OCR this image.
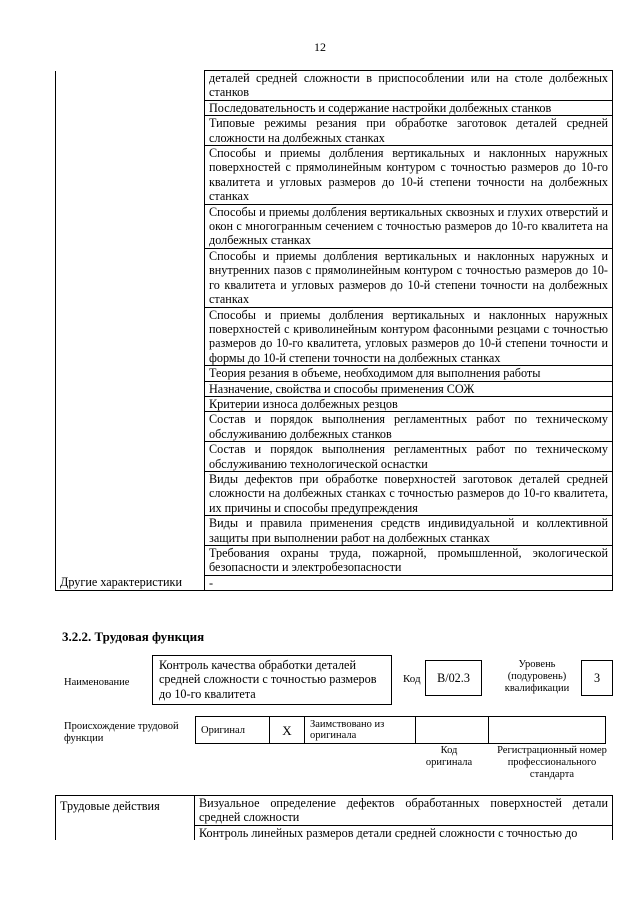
12
	деталей средней сложности в приспособлении или на столе долбежных станков
	Последовательность и содержание настройки долбежных станков
	Типовые режимы резания при обработке заготовок деталей средней сложности на долбежных станках
	Способы и приемы долбления вертикальных и наклонных наружных поверхностей с прямолинейным контуром с точностью размеров до 10-го квалитета и угловых размеров до 10-й степени точности на долбежных станках
	Способы и приемы долбления вертикальных сквозных и глухих отверстий и окон с многогранным сечением с точностью размеров до 10-го квалитета на долбежных станках
	Способы и приемы долбления вертикальных и наклонных наружных и внутренних пазов с прямолинейным контуром с точностью размеров до 10-го квалитета и угловых размеров до 10-й степени точности на долбежных станках
	Способы и приемы долбления вертикальных и наклонных наружных поверхностей с криволинейным контуром фасонными резцами с точностью размеров до 10-го квалитета, угловых размеров до 10-й степени точности и формы до 10-й степени точности на долбежных станках
	Теория резания в объеме, необходимом для выполнения работы
	Назначение, свойства и способы применения СОЖ
	Критерии износа долбежных резцов
	Состав и порядок выполнения регламентных работ по техническому обслуживанию долбежных станков
	Состав и порядок выполнения регламентных работ по техническому обслуживанию технологической оснастки
	Виды дефектов при обработке поверхностей заготовок деталей средней сложности на долбежных станках с точностью размеров до 10-го квалитета, их причины и способы предупреждения
	Виды и правила применения средств индивидуальной и коллективной защиты при выполнении работ на долбежных станках
	Требования охраны труда, пожарной, промышленной, экологической безопасности и электробезопасности
Другие характеристики	-
3.2.2. Трудовая функция
Наименование
Контроль качества обработки деталей средней сложности с точностью размеров до 10-го квалитета
Код	В/02.3
Уровень (подуровень) квалификации
3
Происхождение трудовой функции
Оригинал	X	Заимствовано из оригинала		
Код оригинала
Регистрационный номер профессионального стандарта
Трудовые действия	Визуальное определение дефектов обработанных поверхностей детали средней сложности
Контроль линейных размеров детали средней сложности с точностью до
